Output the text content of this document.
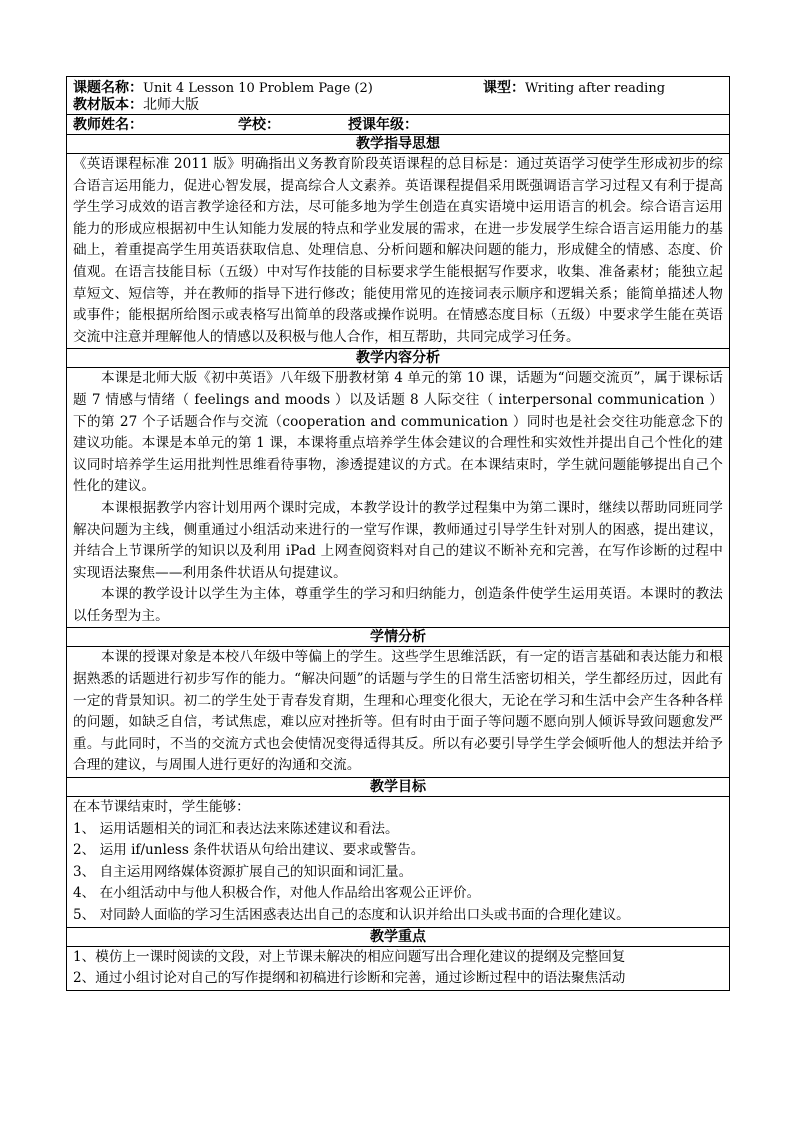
课题名称：Unit 4 Lesson 10 Problem Page (2)	课型：Writing after reading
教材版本：北师大版

教师姓名：	学校：	授课年级：

教学指导思想

《英语课程标准 2011 版》明确指出义务教育阶段英语课程的总目标是：通过英语学习使学生形成初步的综合语言运用能力，促进心智发展，提高综合人文素养。英语课程提倡采用既强调语言学习过程又有利于提高学生学习成效的语言教学途径和方法，尽可能多地为学生创造在真实语境中运用语言的机会。综合语言运用能力的形成应根据初中生认知能力发展的特点和学业发展的需求，在进一步发展学生综合语言运用能力的基础上，着重提高学生用英语获取信息、处理信息、分析问题和解决问题的能力，形成健全的情感、态度、价值观。在语言技能目标（五级）中对写作技能的目标要求学生能根据写作要求，收集、准备素材；能独立起草短文、短信等，并在教师的指导下进行修改；能使用常见的连接词表示顺序和逻辑关系；能简单描述人物或事件；能根据所给图示或表格写出简单的段落或操作说明。在情感态度目标（五级）中要求学生能在英语交流中注意并理解他人的情感以及积极与他人合作，相互帮助，共同完成学习任务。

教学内容分析

本课是北师大版《初中英语》八年级下册教材第 4 单元的第 10 课，话题为“问题交流页”，属于课标话题 7 情感与情绪（ feelings and moods ）以及话题 8 人际交往（ interpersonal communication ）下的第 27 个子话题合作与交流（cooperation and communication ）同时也是社会交往功能意念下的建议功能。本课是本单元的第 1 课，本课将重点培养学生体会建议的合理性和实效性并提出自己个性化的建议同时培养学生运用批判性思维看待事物，渗透提建议的方式。在本课结束时，学生就问题能够提出自己个性化的建议。

本课根据教学内容计划用两个课时完成，本教学设计的教学过程集中为第二课时，继续以帮助同班同学解决问题为主线，侧重通过小组活动来进行的一堂写作课，教师通过引导学生针对别人的困惑，提出建议，并结合上节课所学的知识以及利用 iPad 上网查阅资料对自己的建议不断补充和完善，在写作诊断的过程中实现语法聚焦——利用条件状语从句提建议。

本课的教学设计以学生为主体，尊重学生的学习和归纳能力，创造条件使学生运用英语。本课时的教法以任务型为主。

学情分析

本课的授课对象是本校八年级中等偏上的学生。这些学生思维活跃，有一定的语言基础和表达能力和根据熟悉的话题进行初步写作的能力。“解决问题”的话题与学生的日常生活密切相关，学生都经历过，因此有一定的背景知识。初二的学生处于青春发育期，生理和心理变化很大，无论在学习和生活中会产生各种各样的问题，如缺乏自信，考试焦虑，难以应对挫折等。但有时由于面子等问题不愿向别人倾诉导致问题愈发严重。与此同时，不当的交流方式也会使情况变得适得其反。所以有必要引导学生学会倾听他人的想法并给予合理的建议，与周围人进行更好的沟通和交流。

教学目标

在本节课结束时，学生能够：

1、 运用话题相关的词汇和表达法来陈述建议和看法。

2、 运用 if/unless 条件状语从句给出建议、要求或警告。

3、 自主运用网络媒体资源扩展自己的知识面和词汇量。

4、 在小组活动中与他人积极合作，对他人作品给出客观公正评价。

5、 对同龄人面临的学习生活困惑表达出自己的态度和认识并给出口头或书面的合理化建议。

教学重点

1、模仿上一课时阅读的文段，对上节课未解决的相应问题写出合理化建议的提纲及完整回复

2、通过小组讨论对自己的写作提纲和初稿进行诊断和完善，通过诊断过程中的语法聚焦活动
